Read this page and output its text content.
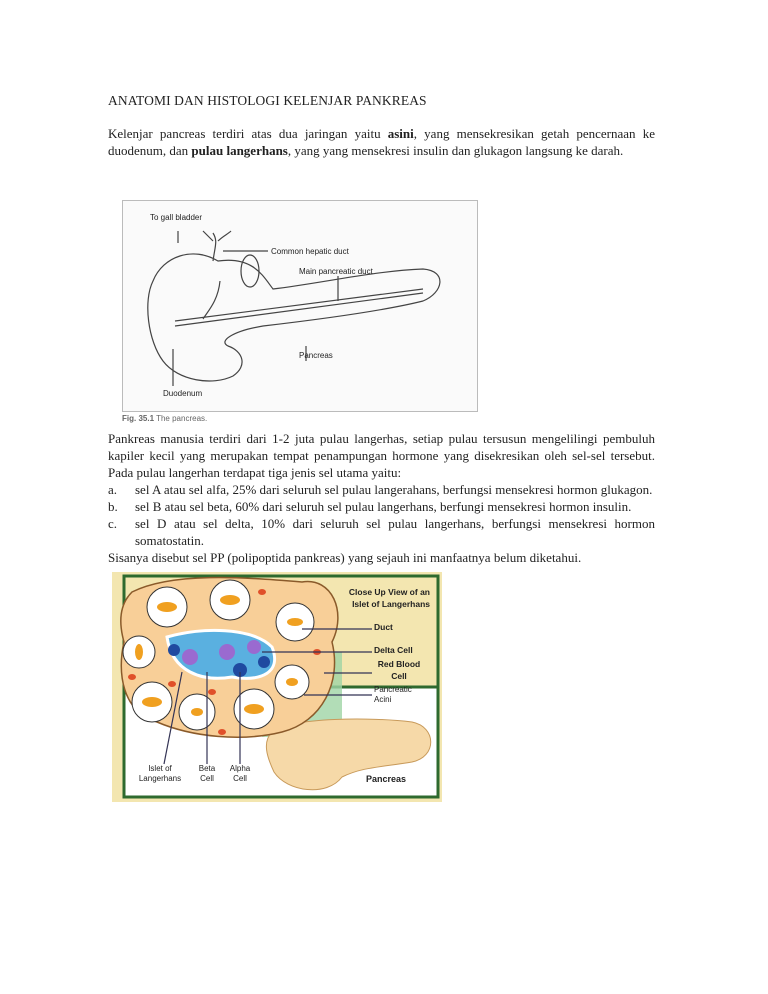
ANATOMI DAN HISTOLOGI KELENJAR PANKREAS
Kelenjar pancreas terdiri atas dua jaringan yaitu asini, yang mensekresikan getah pencernaan ke duodenum, dan pulau langerhans, yang yang mensekresi insulin dan glukagon langsung ke darah.
To gall bladder
Common hepatic duct
Main pancreatic duct
Pancreas
Duodenum
Fig. 35.1 The pancreas.
Pankreas manusia terdiri dari 1-2 juta pulau langerhas, setiap pulau tersusun mengelilingi pembuluh kapiler kecil yang merupakan tempat penampungan hormone yang disekresikan oleh sel-sel tersebut. Pada pulau langerhan terdapat tiga jenis sel utama yaitu:
a. sel A atau sel alfa, 25% dari seluruh sel pulau langerahans, berfungsi mensekresi hormon glukagon.
b. sel B atau sel beta, 60% dari seluruh sel pulau langerhans, berfungi mensekresi hormon insulin.
c. sel D atau sel delta, 10% dari seluruh sel pulau langerhans, berfungsi mensekresi hormon somatostatin.
Sisanya disebut sel PP (polipoptida pankreas) yang sejauh ini manfaatnya belum diketahui.
Close Up View of an
Islet of Langerhans
Duct
Delta Cell
Red Blood
Cell
Pancreatic
Acini
Islet of
Langerhans
Beta
Cell
Alpha
Cell	Pancreas
